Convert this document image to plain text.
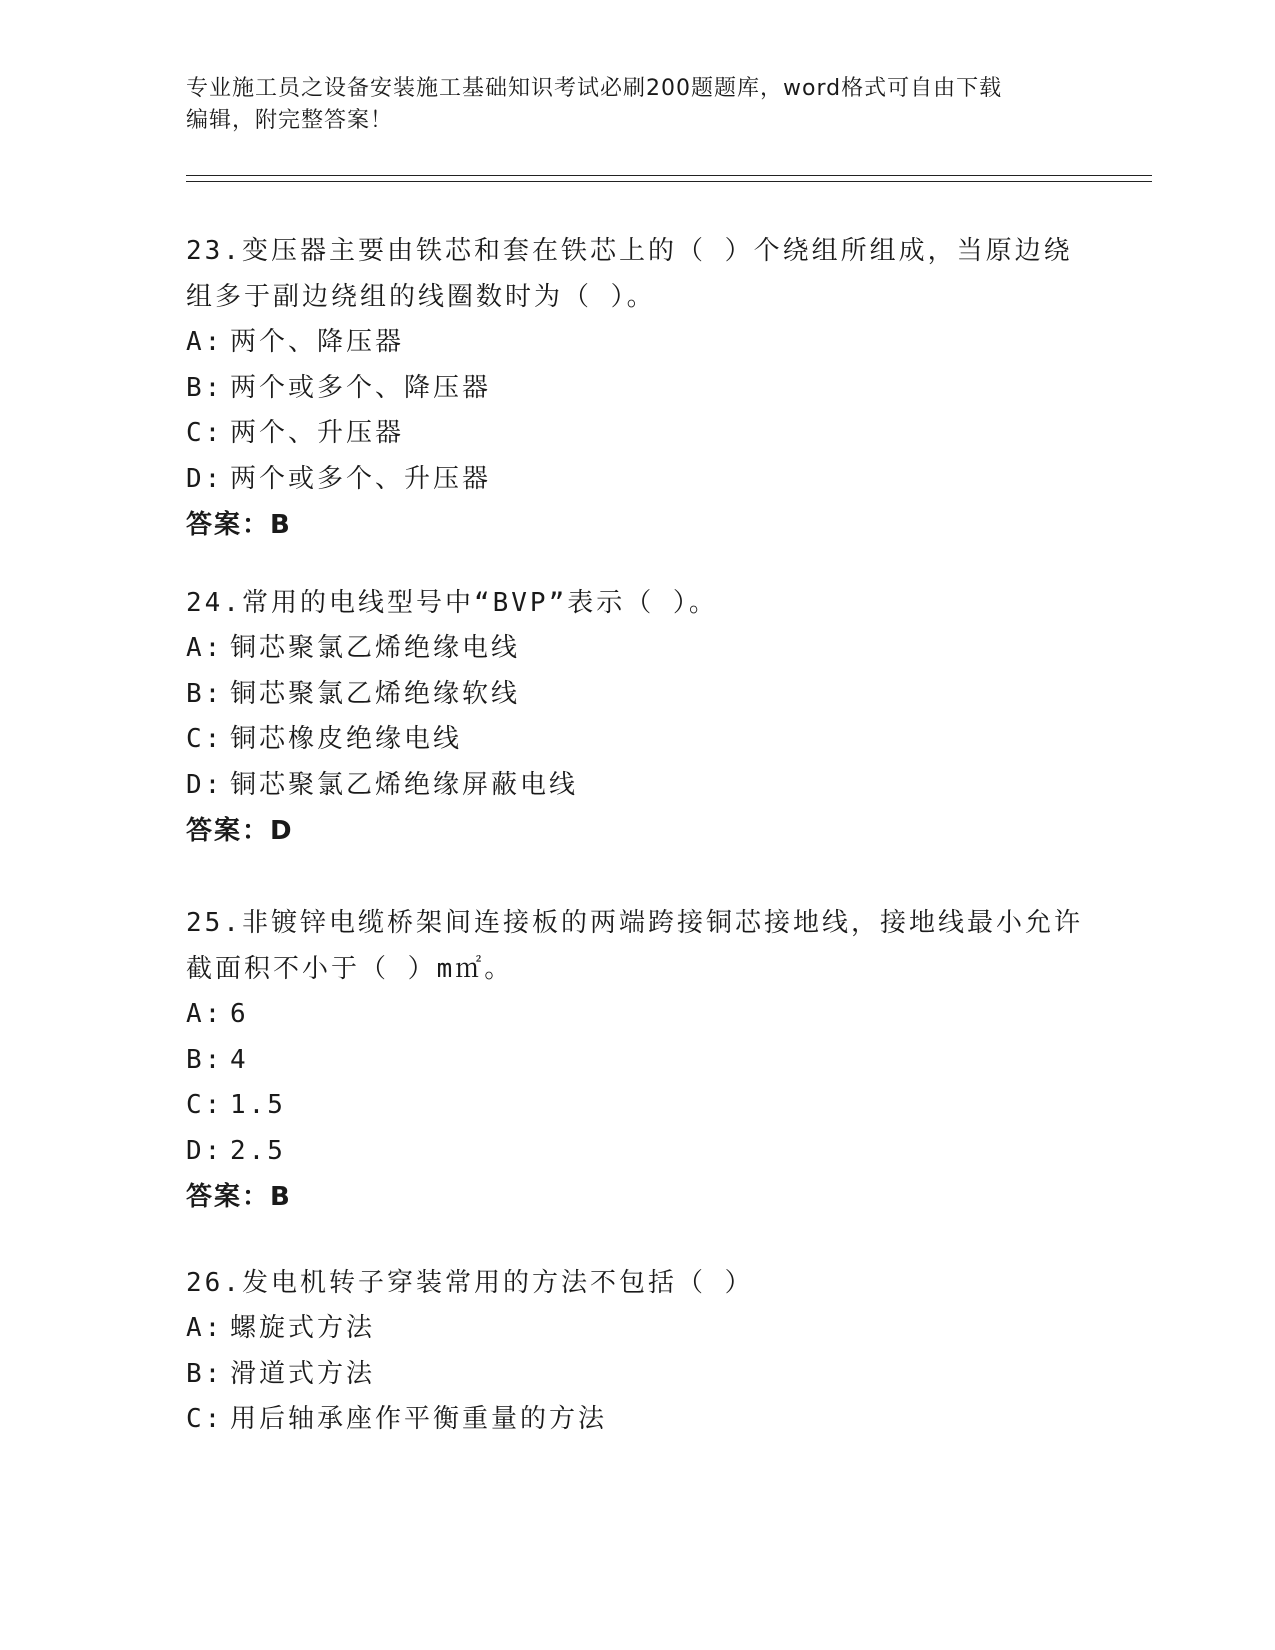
专业施工员之设备安装施工基础知识考试必刷200题题库，word格式可自由下载
编辑，附完整答案！

23.变压器主要由铁芯和套在铁芯上的（ ）个绕组所组成，当原边绕

组多于副边绕组的线圈数时为（ ）。

A: 两个、降压器

B: 两个或多个、降压器

C: 两个、升压器

D: 两个或多个、升压器

答案：B

24.常用的电线型号中“BVP”表示（ ）。

A: 铜芯聚氯乙烯绝缘电线

B: 铜芯聚氯乙烯绝缘软线

C: 铜芯橡皮绝缘电线

D: 铜芯聚氯乙烯绝缘屏蔽电线

答案：D

25.非镀锌电缆桥架间连接板的两端跨接铜芯接地线，接地线最小允许

截面积不小于（ ）m㎡。

A: 6

B: 4

C: 1.5

D: 2.5

答案：B

26.发电机转子穿装常用的方法不包括（ ）

A: 螺旋式方法

B: 滑道式方法

C: 用后轴承座作平衡重量的方法
